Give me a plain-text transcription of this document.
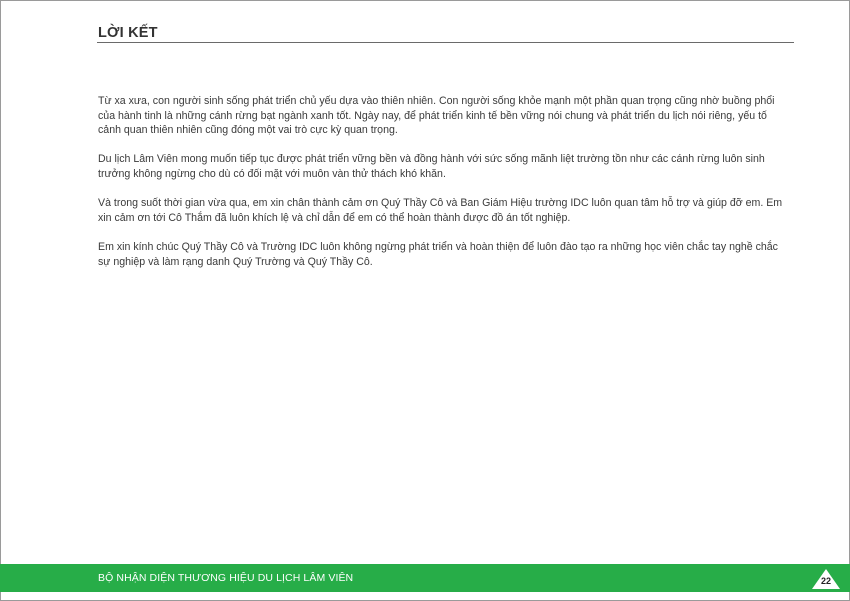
LỜI KẾT

Từ xa xưa, con người sinh sống phát triển chủ yếu dựa vào thiên nhiên. Con người sống khỏe mạnh một phần quan trọng cũng nhờ buồng phổi của hành tinh là những cánh rừng bạt ngành xanh tốt. Ngày nay, để phát triển kinh tế bền vững nói chung và phát triển du lịch nói riêng, yếu tố cảnh quan thiên nhiên cũng đóng một vai trò cực kỳ quan trọng.

Du lịch Lâm Viên mong muốn tiếp tục được phát triển vững bền và đồng hành với sức sống mãnh liệt trường tồn như các cánh rừng luôn sinh trưởng không ngừng cho dù có đối mặt với muôn vàn thử thách khó khăn.

Và trong suốt thời gian vừa qua, em xin chân thành cảm ơn Quý Thầy Cô và Ban Giám Hiệu trường IDC luôn quan tâm hỗ trợ và giúp đỡ em. Em xin cảm ơn tới Cô Thắm đã luôn khích lệ và chỉ dẫn để em có thể hoàn thành được đồ án tốt nghiệp.

Em xin kính chúc Quý Thầy Cô và Trường IDC luôn không ngừng phát triển và hoàn thiện để luôn đào tạo ra những học viên chắc tay nghề chắc sự nghiệp và làm rạng danh Quý Trường và Quý Thầy Cô.

BỘ NHẬN DIỆN THƯƠNG HIỆU DU LỊCH LÂM VIÊN	22
